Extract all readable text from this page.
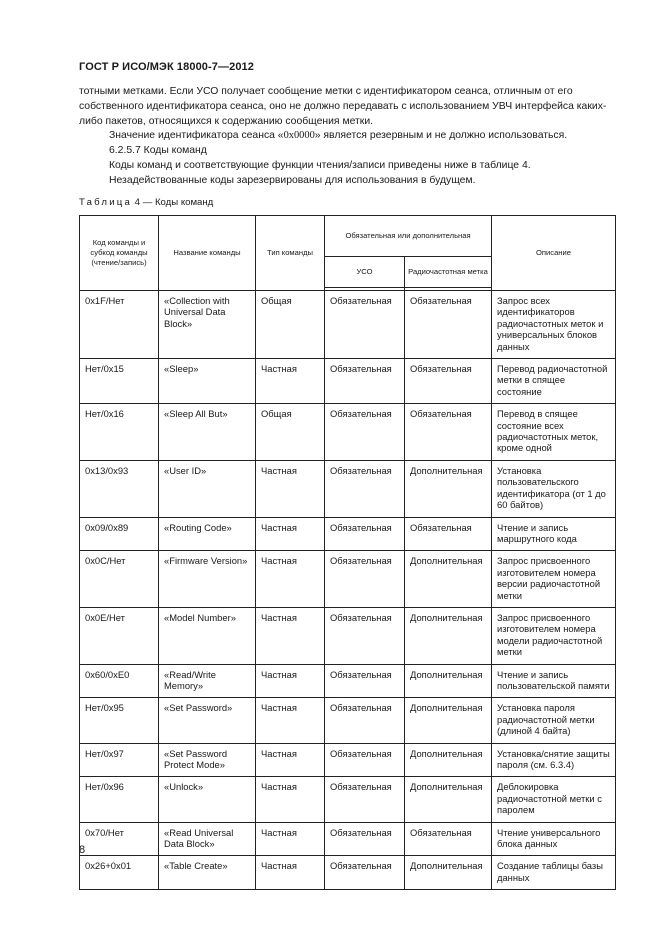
ГОСТ Р ИСО/МЭК 18000-7—2012

тотными метками. Если УСО получает сообщение метки с идентификатором сеанса, отличным от его собственного идентификатора сеанса, оно не должно передавать с использованием УВЧ интерфейса каких-либо пакетов, относящихся к содержанию сообщения метки.

Значение идентификатора сеанса «0x0000» является резервным и не должно использоваться.

6.2.5.7 Коды команд

Коды команд и соответствующие функции чтения/записи приведены ниже в таблице 4.

Незадействованные коды зарезервированы для использования в будущем.

Таблица 4 — Коды команд
Код команды и субкод команды (чтение/запись)	Название команды	Тип команды	Обязательная или дополнительная		Описание
			УСО	Радиочастотная метка	

0x1F/Нет	«Collection with Universal Data Block»	Общая	Обязательная	Обязательная	Запрос всех идентификаторов радиочастотных меток и универсальных блоков данных
Нет/0x15	«Sleep»	Частная	Обязательная	Обязательная	Перевод радиочастотной метки в спящее состояние
Нет/0x16	«Sleep All But»	Общая	Обязательная	Обязательная	Перевод в спящее состояние всех радиочастотных меток, кроме одной
0x13/0x93	«User ID»	Частная	Обязательная	Дополнительная	Установка пользовательского идентификатора (от 1 до 60 байтов)
0x09/0x89	«Routing Code»	Частная	Обязательная	Обязательная	Чтение и запись маршрутного кода
0x0C/Нет	«Firmware Version»	Частная	Обязательная	Дополнительная	Запрос присвоенного изготовителем номера версии радиочастотной метки
0x0E/Нет	«Model Number»	Частная	Обязательная	Дополнительная	Запрос присвоенного изготовителем номера модели радиочастотной метки
0x60/0xE0	«Read/Write Memory»	Частная	Обязательная	Дополнительная	Чтение и запись пользовательской памяти
Нет/0x95	«Set Password»	Частная	Обязательная	Дополнительная	Установка пароля радиочастотной метки (длиной 4 байта)
Нет/0x97	«Set Password Protect Mode»	Частная	Обязательная	Дополнительная	Установка/снятие защиты пароля (см. 6.3.4)
Нет/0x96	«Unlock»	Частная	Обязательная	Дополнительная	Деблокировка радиочастотной метки с паролем
0x70/Нет	«Read Universal Data Block»	Частная	Обязательная	Обязательная	Чтение универсального блока данных
0x26+0x01	«Table Create»	Частная	Обязательная	Дополнительная	Создание таблицы базы данных
8
